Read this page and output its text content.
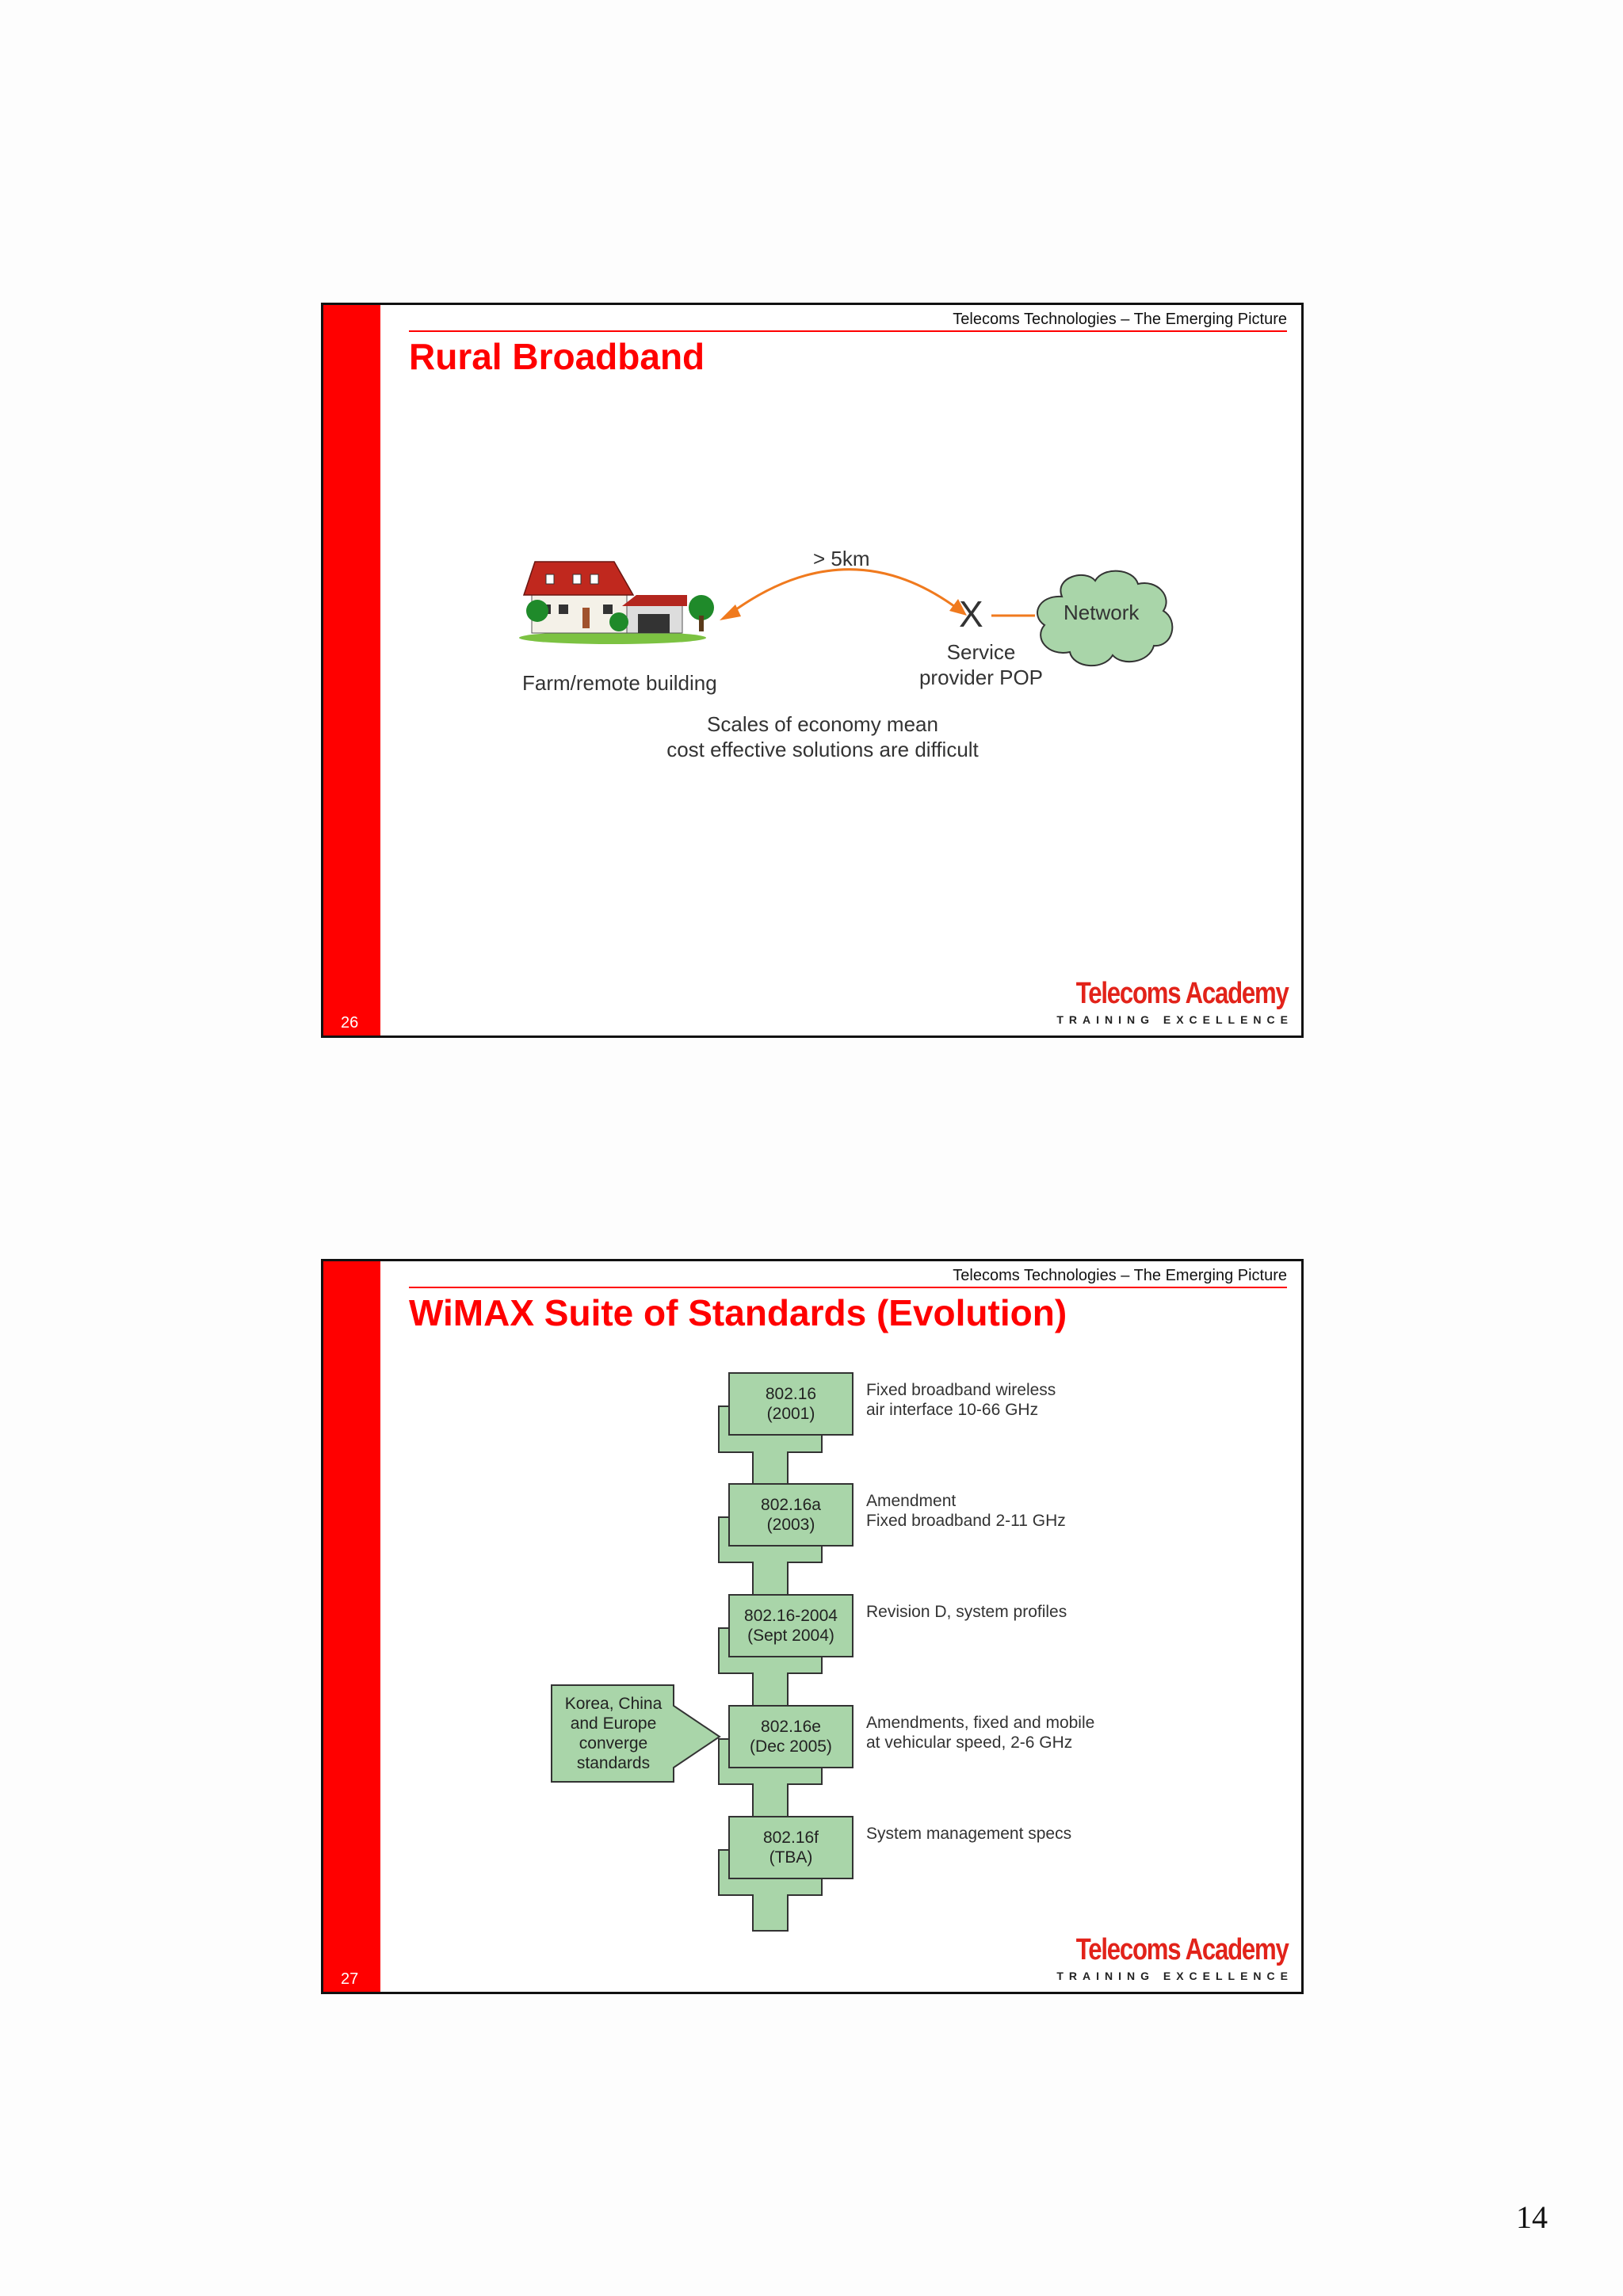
26
Telecoms Technologies – The Emerging Picture
Rural Broadband
Farm/remote building
> 5km
X
Service
provider POP
Network
Scales of economy mean
cost effective solutions are difficult
Telecoms Academy
TRAINING EXCELLENCE
27
Telecoms Technologies – The Emerging Picture
WiMAX Suite of Standards (Evolution)
802.16
(2001)
802.16a
(2003)
802.16-2004
(Sept 2004)
802.16e
(Dec 2005)
802.16f
(TBA)
Fixed broadband wireless
air interface 10-66 GHz
Amendment
Fixed broadband 2-11 GHz
Revision D, system profiles
Amendments, fixed and mobile
at vehicular speed, 2-6 GHz
System management specs
Korea, China
and Europe
converge
standards
Telecoms Academy
TRAINING EXCELLENCE
14
